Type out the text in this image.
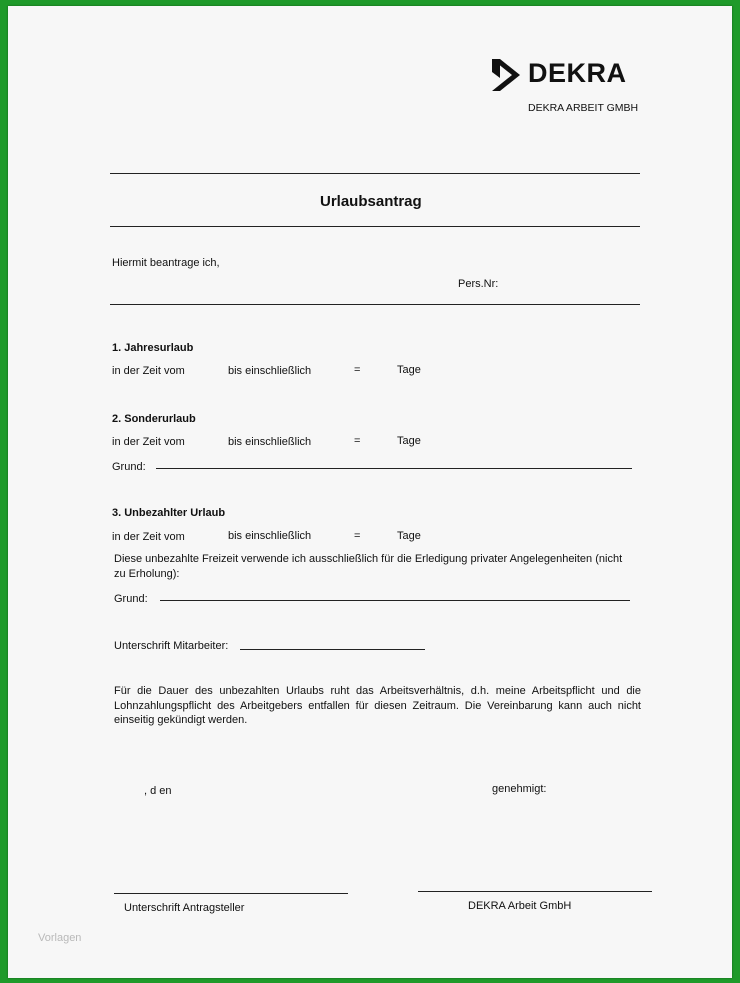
DEKRA
DEKRA ARBEIT GMBH
Urlaubsantrag
Hiermit beantrage ich,
Pers.Nr:
1. Jahresurlaub
in der Zeit vom	bis einschließlich	=	Tage
2. Sonderurlaub
in der Zeit vom	bis einschließlich	=	Tage
Grund:
3. Unbezahlter Urlaub
in der Zeit vom	bis einschließlich	=	Tage
Diese unbezahlte Freizeit verwende ich ausschließlich für die Erledigung privater Angelegenheiten (nicht zu Erholung):
Grund:
Unterschrift Mitarbeiter:
Für die Dauer des unbezahlten Urlaubs ruht das Arbeitsverhältnis, d.h. meine Arbeitspflicht und die Lohnzahlungspflicht des Arbeitgebers entfallen für diesen Zeitraum. Die Vereinbarung kann auch nicht einseitig gekündigt werden.
, d en	genehmigt:
Unterschrift Antragsteller	DEKRA Arbeit GmbH
Vorlagen
